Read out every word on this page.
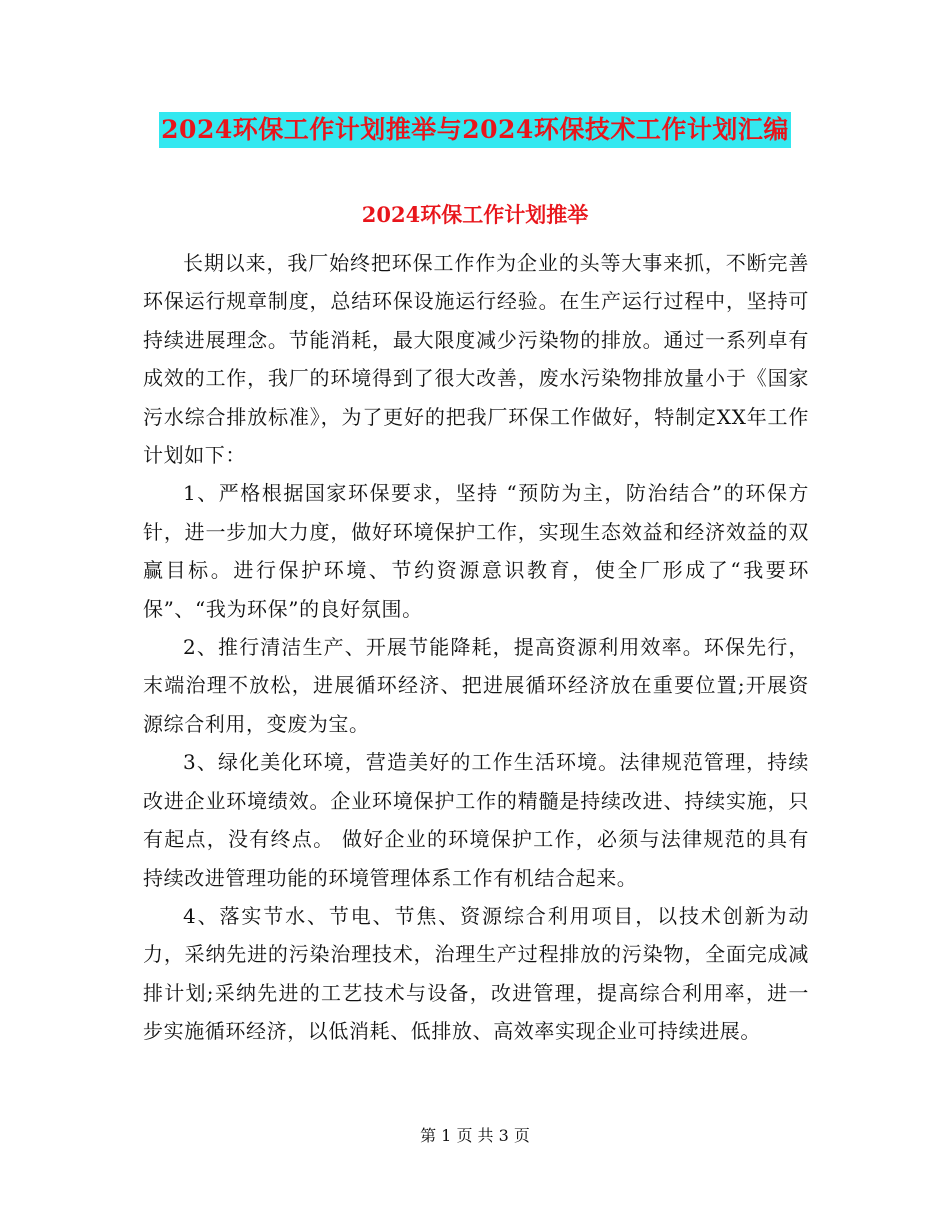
2024环保工作计划推举与2024环保技术工作计划汇编
2024环保工作计划推举

长期以来，我厂始终把环保工作作为企业的头等大事来抓，不断完善环保运行规章制度，总结环保设施运行经验。在生产运行过程中，坚持可持续进展理念。节能消耗，最大限度减少污染物的排放。通过一系列卓有成效的工作，我厂的环境得到了很大改善，废水污染物排放量小于《国家污水综合排放标准》，为了更好的把我厂环保工作做好，特制定XX年工作计划如下：

1、严格根据国家环保要求，坚持 “预防为主，防治结合”的环保方针，进一步加大力度，做好环境保护工作，实现生态效益和经济效益的双赢目标。进行保护环境、节约资源意识教育，使全厂形成了“我要环保”、“我为环保”的良好氛围。

2、推行清洁生产、开展节能降耗，提高资源利用效率。环保先行，末端治理不放松，进展循环经济、把进展循环经济放在重要位置;开展资源综合利用，变废为宝。

3、绿化美化环境，营造美好的工作生活环境。法律规范管理，持续改进企业环境绩效。企业环境保护工作的精髓是持续改进、持续实施，只有起点，没有终点。 做好企业的环境保护工作，必须与法律规范的具有持续改进管理功能的环境管理体系工作有机结合起来。

4、落实节水、节电、节焦、资源综合利用项目，以技术创新为动力，采纳先进的污染治理技术，治理生产过程排放的污染物，全面完成减排计划;采纳先进的工艺技术与设备，改进管理，提高综合利用率，进一步实施循环经济，以低消耗、低排放、高效率实现企业可持续进展。

第 1 页 共 3 页
